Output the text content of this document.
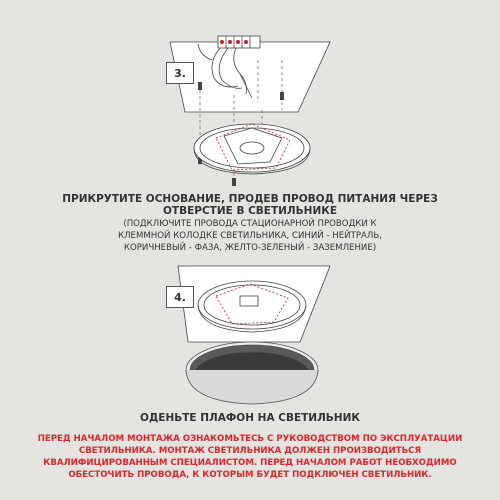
3.
4.
ПРИКРУТИТЕ ОСНОВАНИЕ, ПРОДЕВ ПРОВОД ПИТАНИЯ ЧЕРЕЗ
ОТВЕРСТИЕ В СВЕТИЛЬНИКЕ
(ПОДКЛЮЧИТЕ ПРОВОДА СТАЦИОНАРНОЙ ПРОВОДКИ К
КЛЕММНОЙ КОЛОДКЕ СВЕТИЛЬНИКА, СИНИЙ - НЕЙТРАЛЬ,
КОРИЧНЕВЫЙ - ФАЗА, ЖЕЛТО-ЗЕЛЕНЫЙ - ЗАЗЕМЛЕНИЕ)
ОДЕНЬТЕ ПЛАФОН НА СВЕТИЛЬНИК
ПЕРЕД НАЧАЛОМ МОНТАЖА ОЗНАКОМЬТЕСЬ С РУКОВОДСТВОМ ПО ЭКСПЛУАТАЦИИ
СВЕТИЛЬНИКА. МОНТАЖ СВЕТИЛЬНИКА ДОЛЖЕН ПРОИЗВОДИТЬСЯ
КВАЛИФИЦИРОВАННЫМ СПЕЦИАЛИСТОМ. ПЕРЕД НАЧАЛОМ РАБОТ НЕОБХОДИМО
ОБЕСТОЧИТЬ ПРОВОДА, К КОТОРЫМ БУДЕТ ПОДКЛЮЧЕН СВЕТИЛЬНИК.
